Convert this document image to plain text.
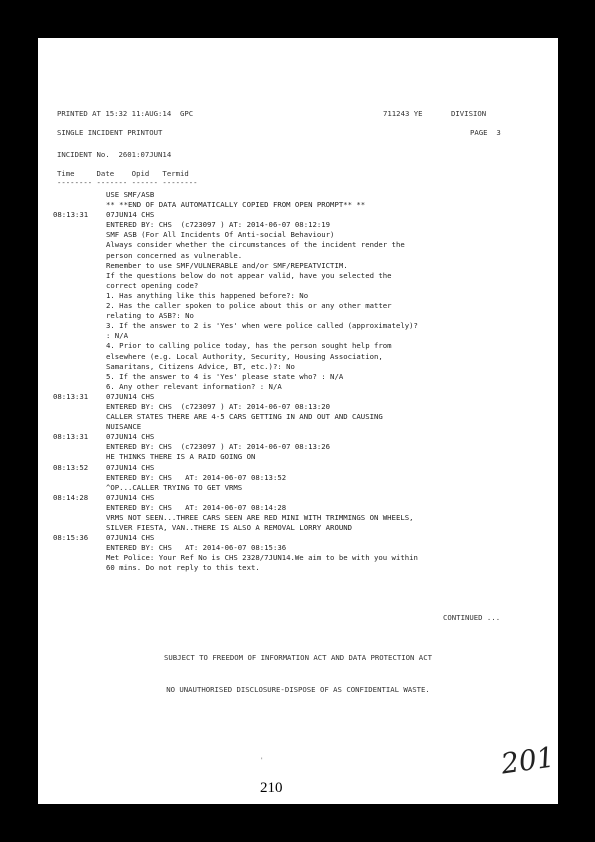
PRINTED AT 15:32 11:AUG:14  GPC	711243 YE	DIVISION
SINGLE INCIDENT PRINTOUT	PAGE  3
INCIDENT No.  2601:07JUN14
Time     Date    Opid   Termid
-------- ------- ------ --------
USE SMF/ASB
** **END OF DATA AUTOMATICALLY COPIED FROM OPEN PROMPT** **
08:13:31 07JUN14 CHS
ENTERED BY: CHS  (c723097 ) AT: 2014-06-07 08:12:19
SMF ASB (For All Incidents Of Anti-social Behaviour)
Always consider whether the circumstances of the incident render the
person concerned as vulnerable.
Remember to use SMF/VULNERABLE and/or SMF/REPEATVICTIM.
If the questions below do not appear valid, have you selected the
correct opening code?
1. Has anything like this happened before?: No
2. Has the caller spoken to police about this or any other matter
relating to ASB?: No
3. If the answer to 2 is 'Yes' when were police called (approximately)?
: N/A
4. Prior to calling police today, has the person sought help from
elsewhere (e.g. Local Authority, Security, Housing Association,
Samaritans, Citizens Advice, BT, etc.)?: No
5. If the answer to 4 is 'Yes' please state who? : N/A
6. Any other relevant information? : N/A
08:13:31 07JUN14 CHS
ENTERED BY: CHS  (c723097 ) AT: 2014-06-07 08:13:20
CALLER STATES THERE ARE 4-5 CARS GETTING IN AND OUT AND CAUSING
NUISANCE
08:13:31 07JUN14 CHS
ENTERED BY: CHS  (c723097 ) AT: 2014-06-07 08:13:26
HE THINKS THERE IS A RAID GOING ON
08:13:52 07JUN14 CHS
ENTERED BY: CHS   AT: 2014-06-07 08:13:52
^OP...CALLER TRYING TO GET VRMS
08:14:28 07JUN14 CHS
ENTERED BY: CHS   AT: 2014-06-07 08:14:28
VRMS NOT SEEN...THREE CARS SEEN ARE RED MINI WITH TRIMMINGS ON WHEELS,
SILVER FIESTA, VAN..THERE IS ALSO A REMOVAL LORRY AROUND
08:15:36 07JUN14 CHS
ENTERED BY: CHS   AT: 2014-06-07 08:15:36
Met Police: Your Ref No is CHS 2328/7JUN14.We aim to be with you within
60 mins. Do not reply to this text.
CONTINUED ...

SUBJECT TO FREEDOM OF INFORMATION ACT AND DATA PROTECTION ACT

NO UNAUTHORISED DISCLOSURE-DISPOSE OF AS CONFIDENTIAL WASTE.

'	201
210
